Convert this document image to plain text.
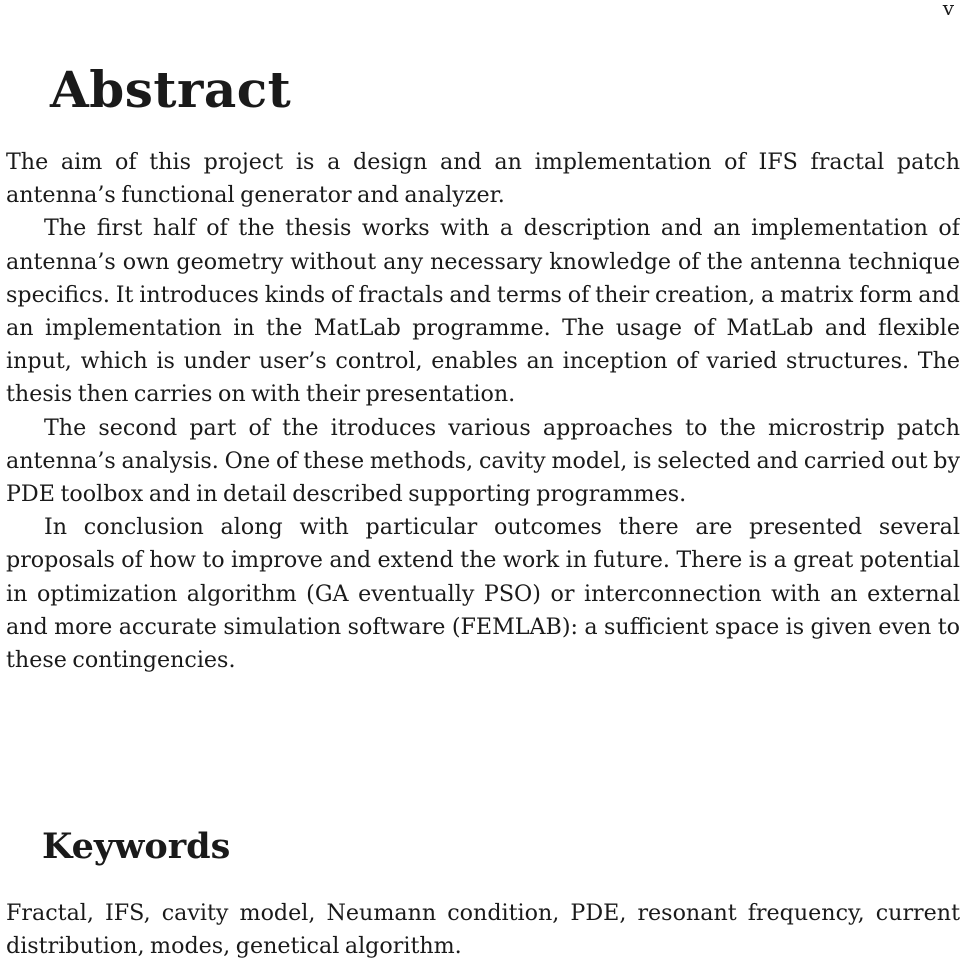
v
Abstract

The aim of this project is a design and an implementation of IFS fractal patch antenna’s functional generator and analyzer.

The first half of the thesis works with a description and an implementation of antenna’s own geometry without any necessary knowledge of the antenna technique specifics. It introduces kinds of fractals and terms of their creation, a matrix form and an implementation in the MatLab programme. The usage of MatLab and flexible input, which is under user’s control, enables an inception of varied structures. The thesis then carries on with their presentation.

The second part of the itroduces various approaches to the microstrip patch antenna’s analysis. One of these methods, cavity model, is selected and carried out by PDE toolbox and in detail described supporting programmes.

In conclusion along with particular outcomes there are presented several proposals of how to improve and extend the work in future. There is a great potential in optimization algorithm (GA eventually PSO) or interconnection with an external and more accurate simulation software (FEMLAB): a sufficient space is given even to these contingencies.

Keywords

Fractal, IFS, cavity model, Neumann condition, PDE, resonant frequency, current distribution, modes, genetical algorithm.
